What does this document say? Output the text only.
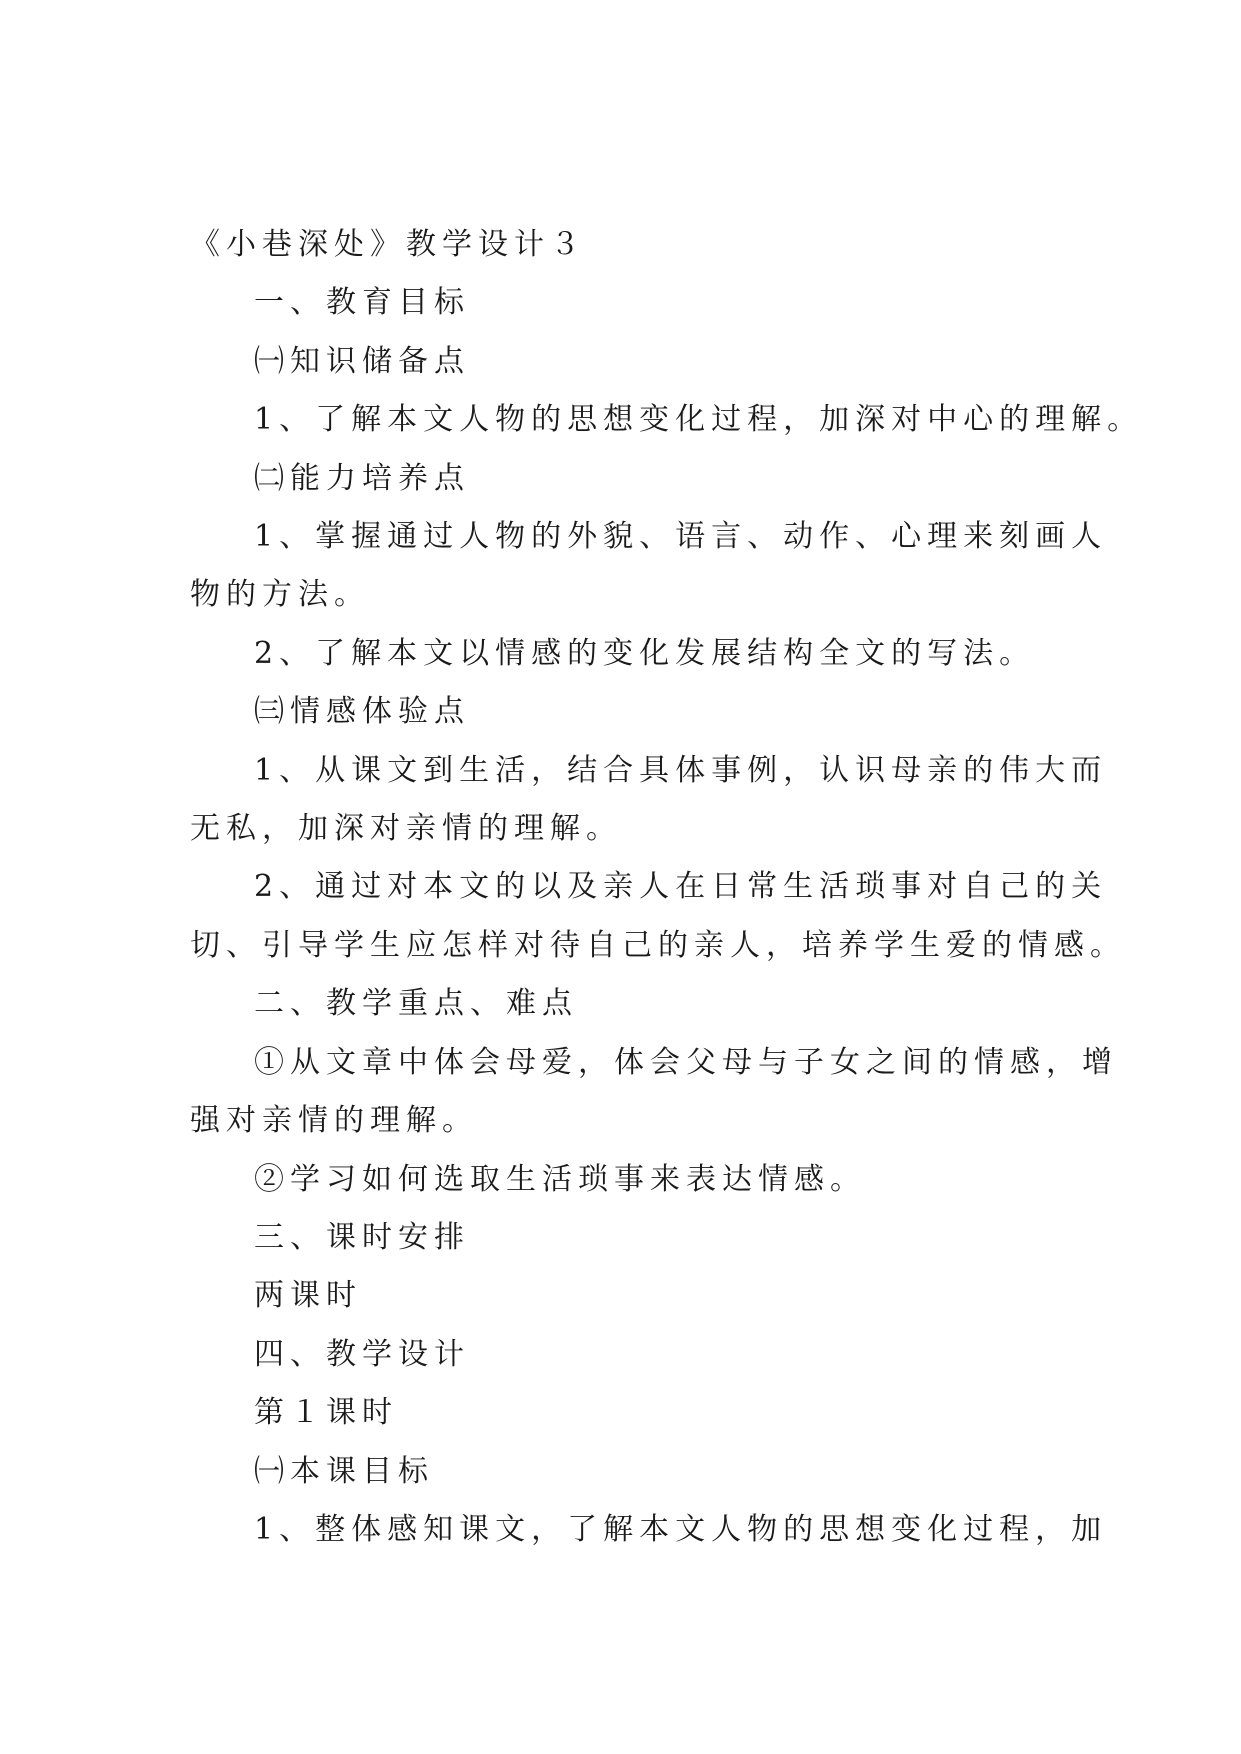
《小巷深处》教学设计３

一、教育目标

㈠知识储备点

1、了解本文人物的思想变化过程，加深对中心的理解。

㈡能力培养点

1、掌握通过人物的外貌、语言、动作、心理来刻画人

物的方法。

2、了解本文以情感的变化发展结构全文的写法。

㈢情感体验点

1、从课文到生活，结合具体事例，认识母亲的伟大而

无私，加深对亲情的理解。

2、通过对本文的以及亲人在日常生活琐事对自己的关

切、引导学生应怎样对待自己的亲人，培养学生爱的情感。

二、教学重点、难点

①从文章中体会母爱，体会父母与子女之间的情感，增

强对亲情的理解。

②学习如何选取生活琐事来表达情感。

三、课时安排

两课时

四、教学设计

第１课时

㈠本课目标

1、整体感知课文，了解本文人物的思想变化过程，加
